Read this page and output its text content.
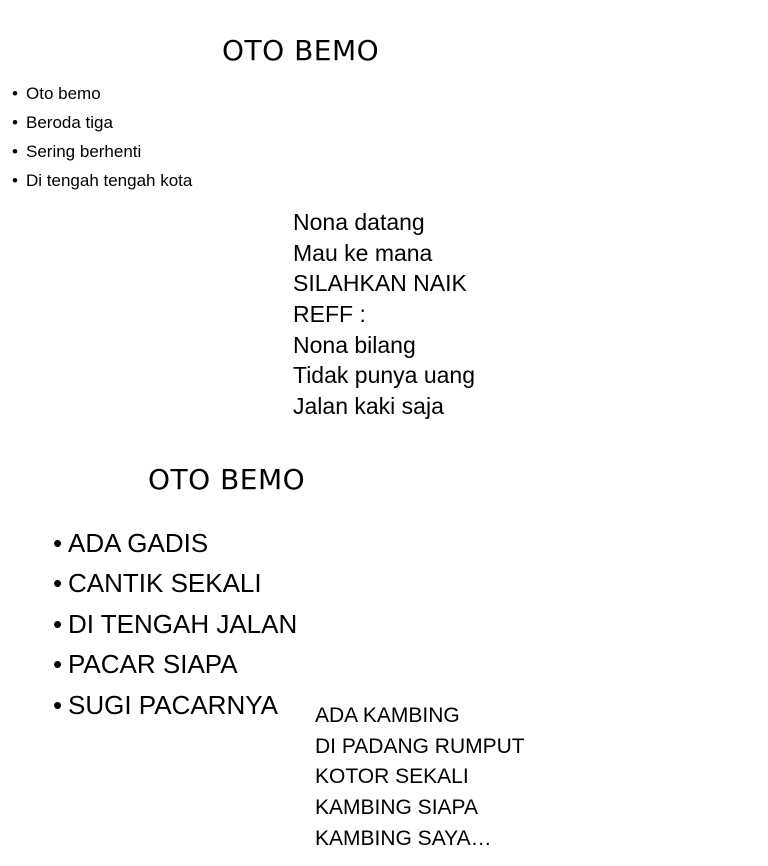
OTO BEMO
• Oto bemo
• Beroda tiga
• Sering berhenti
• Di tengah tengah kota
Nona datang
Mau ke mana
SILAHKAN NAIK
REFF :
Nona bilang
Tidak punya uang
Jalan kaki saja
OTO BEMO
• ADA GADIS
• CANTIK SEKALI
• DI TENGAH JALAN
• PACAR SIAPA
• SUGI PACARNYA	ADA KAMBING
DI PADANG RUMPUT
KOTOR SEKALI
KAMBING SIAPA
KAMBING SAYA…
